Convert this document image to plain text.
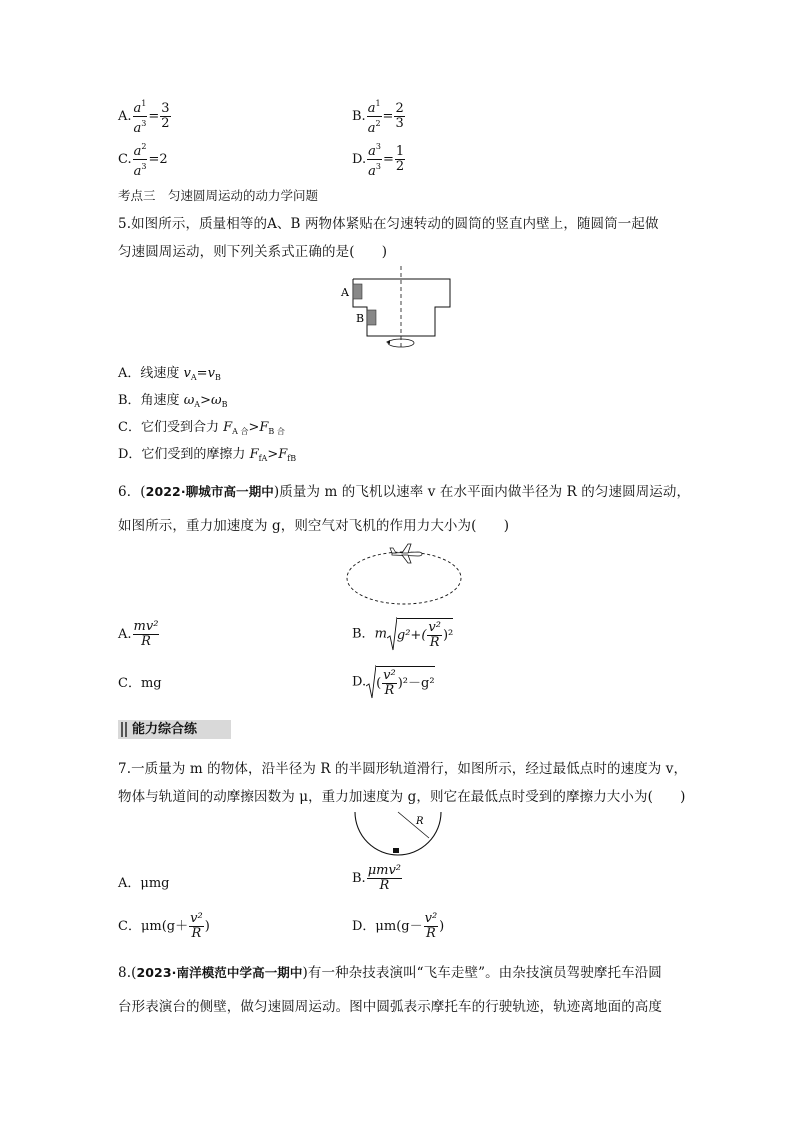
A. $\frac{a^1}{a^3} = \frac{3}{2}$	B. $\frac{a^1}{a^2} = \frac{2}{3}$
C. $\frac{a^2}{a^3} =2$	D. $\frac{a^3}{a^3} = \frac{1}{2}$
考点三　匀速圆周运动的动力学问题
5.如图所示，质量相等的A、B 两物体紧贴在匀速转动的圆筒的竖直内壁上，随圆筒一起做
匀速圆周运动，则下列关系式正确的是(　　)
A
B
A．线速度 $v_A=v_B$
B．角速度 $\omega_A>\omega_B$
C．它们受到合力 $F_{A 合}>F_{B 合}$
D．它们受到的摩擦力 $F_{fA}>F_{fB}$
6．(2022·聊城市高一期中)质量为 m 的飞机以速率 v 在水平面内做半径为 R 的匀速圆周运动，
如图所示，重力加速度为 g，则空气对飞机的作用力大小为(　　)
A. $\frac{\text{mv²}}{R}$	B．m $g^2+( \frac{\text{v²}}{R} )^2$
C．mg	D. ( $\frac{\text{v²}}{R} )^2-g^2$
能力综合练
7.一质量为 m 的物体，沿半径为 R 的半圆形轨道滑行，如图所示，经过最低点时的速度为 v，
物体与轨道间的动摩擦因数为 μ，重力加速度为 g，则它在最低点时受到的摩擦力大小为(　　)
R
A．μmg	B. $\frac{\text{μmv²}}{R}$
C．$\mu m(g+ \frac{\text{v²}}{R}$ )	D．$\mu m(g- \frac{\text{v²}}{R}$ )
8.(2023·南洋模范中学高一期中)有一种杂技表演叫“飞车走壁”。由杂技演员驾驶摩托车沿圆
台形表演台的侧壁，做匀速圆周运动。图中圆弧表示摩托车的行驶轨迹，轨迹离地面的高度
